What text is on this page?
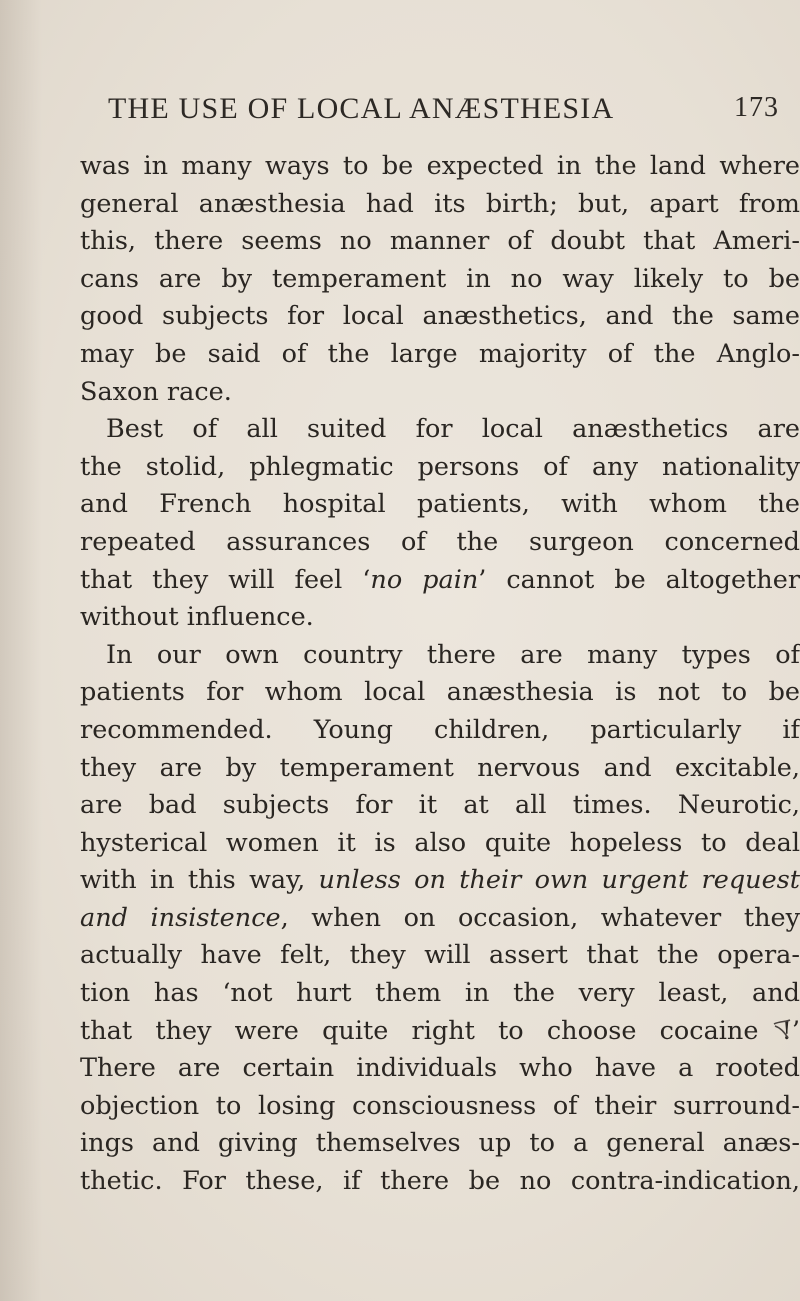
THE USE OF LOCAL ANÆSTHESIA	173
was in many ways to be expected in the land where
general anæsthesia had its birth; but, apart from
this, there seems no manner of doubt that Ameri-
cans are by temperament in no way likely to be
good subjects for local anæsthetics, and the same
may be said of the large majority of the Anglo-
Saxon race.
Best of all suited for local anæsthetics are
the stolid, phlegmatic persons of any nationality
and French hospital patients, with whom the
repeated assurances of the surgeon concerned
that they will feel ‘no pain’ cannot be altogether
without influence.
In our own country there are many types of
patients for whom local anæsthesia is not to be
recommended. Young children, particularly if
they are by temperament nervous and excitable,
are bad subjects for it at all times. Neurotic,
hysterical women it is also quite hopeless to deal
with in this way, unless on their own urgent request
and insistence, when on occasion, whatever they
actually have felt, they will assert that the opera-
tion has ‘not hurt them in the very least, and
that they were quite right to choose cocaine !’
There are certain individuals who have a rooted
objection to losing consciousness of their surround-
ings and giving themselves up to a general anæs-
thetic. For these, if there be no contra-indication,
